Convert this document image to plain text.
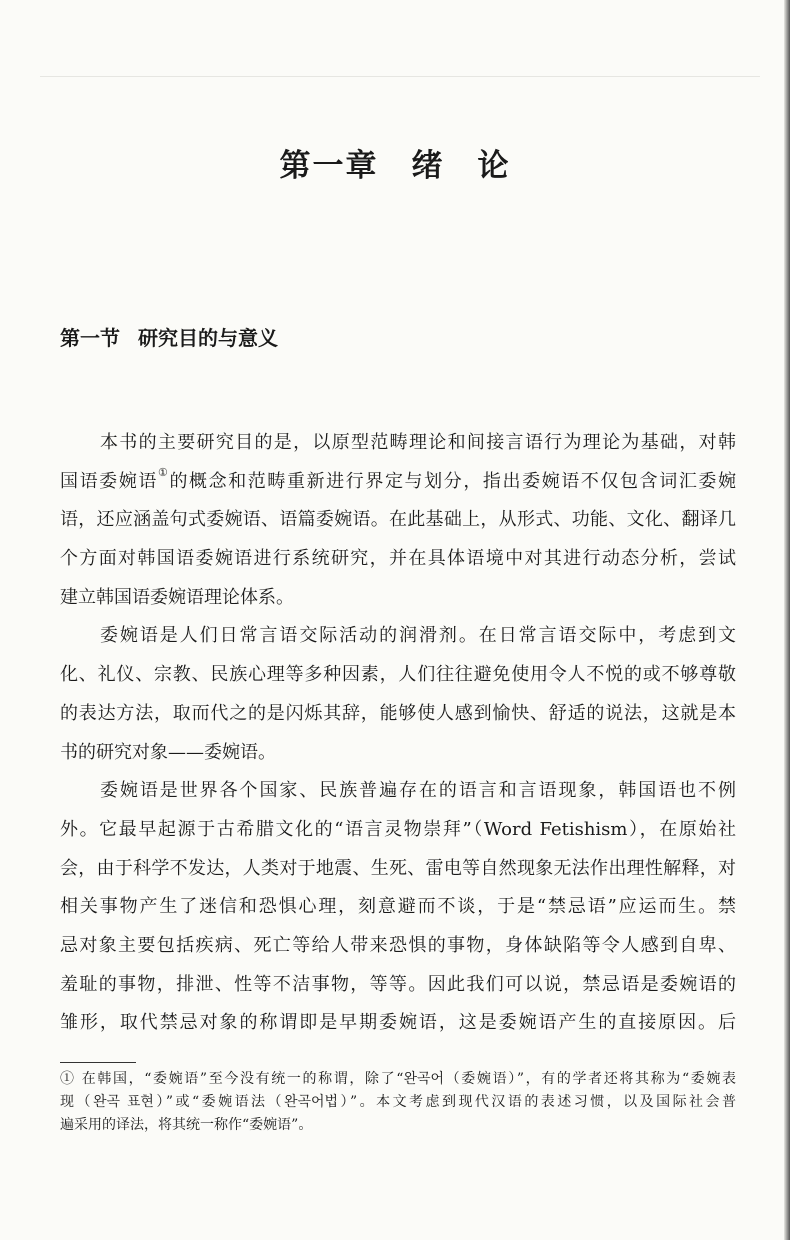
第一章　绪　论
第一节 研究目的与意义
本书的主要研究目的是，以原型范畴理论和间接言语行为理论为基础，对韩
国语委婉语①的概念和范畴重新进行界定与划分，指出委婉语不仅包含词汇委婉
语，还应涵盖句式委婉语、语篇委婉语。在此基础上，从形式、功能、文化、翻译几
个方面对韩国语委婉语进行系统研究，并在具体语境中对其进行动态分析，尝试
建立韩国语委婉语理论体系。
委婉语是人们日常言语交际活动的润滑剂。在日常言语交际中，考虑到文
化、礼仪、宗教、民族心理等多种因素，人们往往避免使用令人不悦的或不够尊敬
的表达方法，取而代之的是闪烁其辞，能够使人感到愉快、舒适的说法，这就是本
书的研究对象——委婉语。
委婉语是世界各个国家、民族普遍存在的语言和言语现象，韩国语也不例
外。它最早起源于古希腊文化的“语言灵物崇拜”（Word Fetishism），在原始社
会，由于科学不发达，人类对于地震、生死、雷电等自然现象无法作出理性解释，对
相关事物产生了迷信和恐惧心理，刻意避而不谈，于是“禁忌语”应运而生。禁
忌对象主要包括疾病、死亡等给人带来恐惧的事物，身体缺陷等令人感到自卑、
羞耻的事物，排泄、性等不洁事物，等等。因此我们可以说，禁忌语是委婉语的
雏形，取代禁忌对象的称谓即是早期委婉语，这是委婉语产生的直接原因。后
① 在韩国，“委婉语”至今没有统一的称谓，除了“완곡어（委婉语）”，有的学者还将其称为“委婉表
现（완곡 표현）”或“委婉语法（완곡어법）”。本文考虑到现代汉语的表述习惯，以及国际社会普
遍采用的译法，将其统一称作“委婉语”。
